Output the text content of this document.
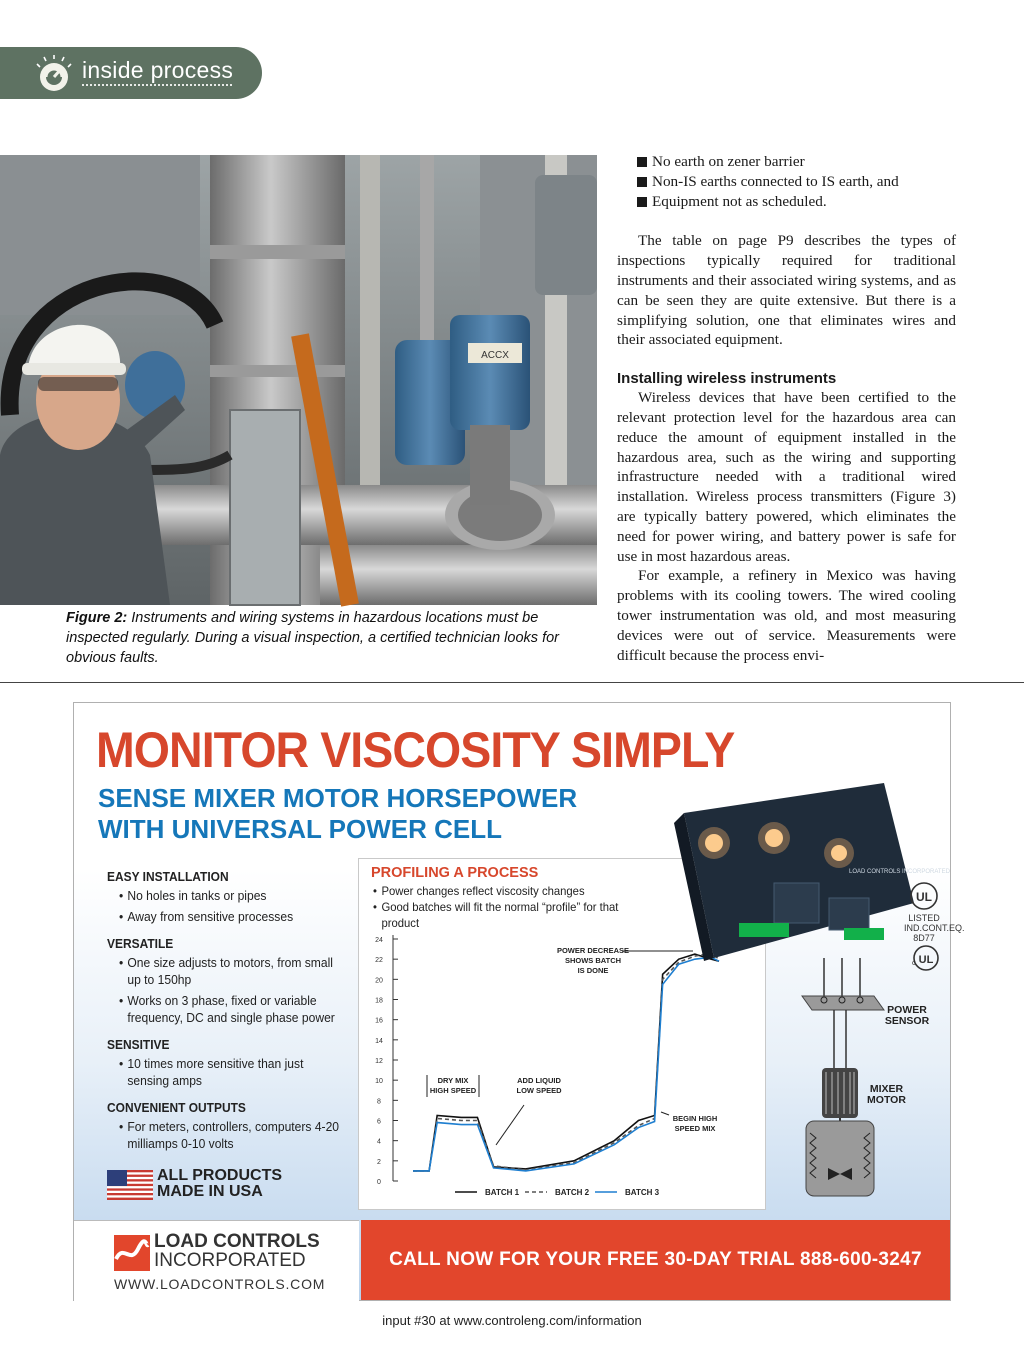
inside process
ACCX
Figure 2: Instruments and wiring systems in hazardous locations must be inspected regularly. During a visual inspection, a certified technician looks for obvious faults.
No earth on zener barrier
Non-IS earths connected to IS earth, and
Equipment not as scheduled.

The table on page P9 describes the types of inspections typically required for traditional instruments and their associated wiring systems, and as can be seen they are quite extensive. But there is a simplifying solution, one that eliminates wires and their associated equipment.

Installing wireless instruments

Wireless devices that have been certified to the relevant protection level for the hazardous area can reduce the amount of equipment installed in the hazardous area, such as the wiring and supporting infrastructure needed with a traditional wired installation. Wireless process transmitters (Figure 3) are typically battery powered, which eliminates the need for power wiring, and battery power is safe for use in most hazardous areas.

For example, a refinery in Mexico was having problems with its cooling towers. The wired cooling tower instrumentation was old, and most measuring devices were out of service. Measurements were difficult because the process envi-

MONITOR VISCOSITY SIMPLY
SENSE MIXER MOTOR HORSEPOWER
WITH UNIVERSAL POWER CELL
EASY INSTALLATION
• No holes in tanks or pipes
• Away from sensitive processes
VERSATILE
• One size adjusts to motors, from small up to 150hp
• Works on 3 phase, fixed or variable frequency, DC and single phase power
SENSITIVE
• 10 times more sensitive than just sensing amps
CONVENIENT OUTPUTS
• For meters, controllers, computers 4-20 milliamps 0-10 volts
ALL PRODUCTS
MADE IN USA
0
2
4
6
8
10
12
14
16
18
20
22
24
BATCH 1	BATCH 2	BATCH 3
DRY MIX
HIGH SPEED
ADD LIQUID
LOW SPEED
BEGIN HIGH
SPEED MIX
POWER DECREASE
SHOWS BATCH
IS DONE
PROFILING A PROCESS
• Power changes reflect viscosity changes
• Good batches will fit the normal “profile” for that product
LOAD CONTROLS INCORPORATED
UL
LISTED
IND.CONT.EQ.
8D77
UL
c
POWER SENSOR
MIXER MOTOR
LOAD CONTROLS
INCORPORATED
WWW.LOADCONTROLS.COM
CALL NOW FOR YOUR FREE 30-DAY TRIAL 888-600-3247
input #30 at www.controleng.com/information
